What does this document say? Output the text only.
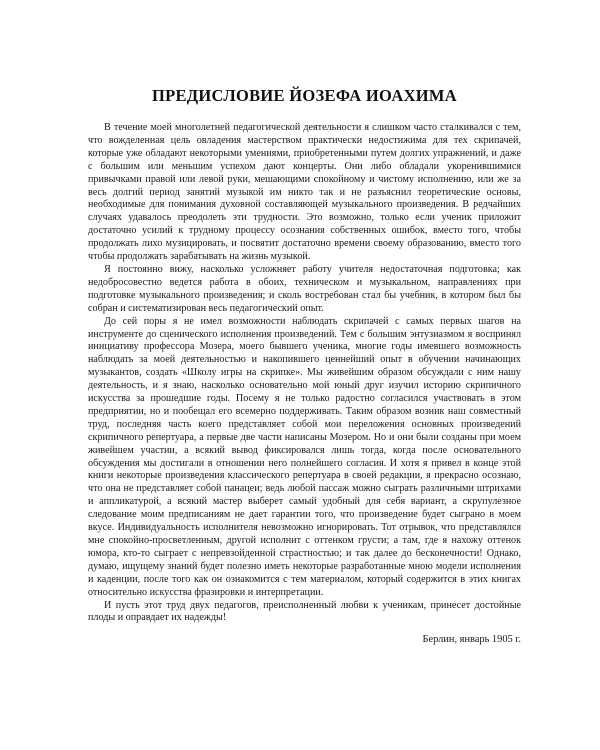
ПРЕДИСЛОВИЕ ЙОЗЕФА ИОАХИМА

В течение моей многолетней педагогической деятельности я слишком часто сталкивался с тем, что вожделенная цель овладения мастерством практически недостижима для тех скрипачей, которые уже обладают некоторыми умениями, приобретенными путем долгих упражнений, и даже с большим или меньшим успехом дают концерты. Они либо обладали укоренившимися привычками правой или левой руки, мешающими спокойному и чистому исполнению, или же за весь долгий период занятий музыкой им никто так и не разъяснил теоретические основы, необходимые для понимания духовной составляющей музыкального произведения. В редчайших случаях удавалось преодолеть эти трудности. Это возможно, только если ученик приложит достаточно усилий к трудному процессу осознания собственных ошибок, вместо того, чтобы продолжать лихо музицировать, и посвятит достаточно времени своему образованию, вместо того чтобы продолжать зарабатывать на жизнь музыкой.

Я постоянно вижу, насколько усложняет работу учителя недостаточная подготовка; как недобросовестно ведется работа в обоих, техническом и музыкальном, направлениях при подготовке музыкального произведения; и сколь востребован стал бы учебник, в котором был бы собран и систематизирован весь педагогический опыт.

До сей поры я не имел возможности наблюдать скрипачей с самых первых шагов на инструменте до сценического исполнения произведений. Тем с большим энтузиазмом я воспринял инициативу профессора Мозера, моего бывшего ученика, многие годы имевшего возможность наблюдать за моей деятельностью и накопившего ценнейший опыт в обучении начинающих музыкантов, создать «Школу игры на скрипке». Мы живейшим образом обсуждали с ним нашу деятельность, и я знаю, насколько основательно мой юный друг изучил историю скрипичного искусства за прошедшие годы. Посему я не только радостно согласился участвовать в этом предприятии, но и пообещал его всемерно поддерживать. Таким образом возник наш совместный труд, последняя часть коего представляет собой мои переложения основных произведений скрипичного репертуара, а первые две части написаны Мозером. Но и они были созданы при моем живейшем участии, а всякий вывод фиксировался лишь тогда, когда после основательного обсуждения мы достигали в отношении него полнейшего согласия. И хотя я привел в конце этой книги некоторые произведения классического репертуара в своей редакции, я прекрасно осознаю, что она не представляет собой панацеи; ведь любой пассаж можно сыграть различными штрихами и аппликатурой, а всякий мастер выберет самый удобный для себя вариант, а скрупулезное следование моим предписаниям не дает гарантии того, что произведение будет сыграно в моем вкусе. Индивидуальность исполнителя невозможно игнорировать. Тот отрывок, что представлялся мне спокойно-просветленным, другой исполнит с оттенком грусти; а там, где я нахожу оттенок юмора, кто-то сыграет с непревзойденной страстностью; и так далее до бесконечности! Однако, думаю, ищущему знаний будет полезно иметь некоторые разработанные мною модели исполнения и каденции, после того как он ознакомится с тем материалом, который содержится в этих книгах относительно искусства фразировки и интерпретации.

И пусть этот труд двух педагогов, преисполненный любви к ученикам, принесет достойные плоды и оправдает их надежды!

Берлин, январь 1905 г.
